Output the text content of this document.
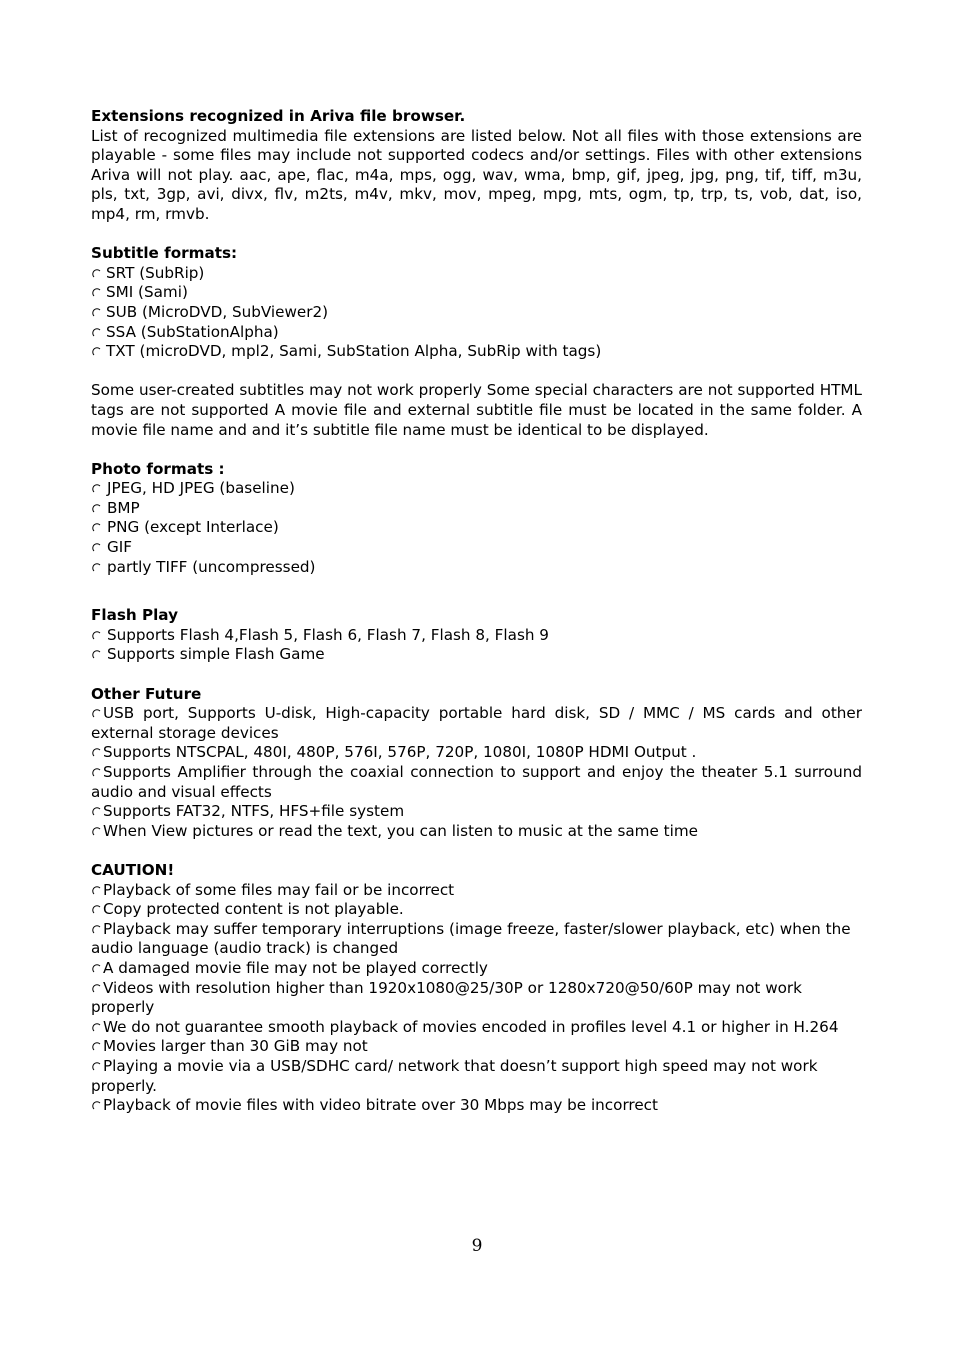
Extensions recognized in Ariva file browser.
List of recognized multimedia file extensions are listed below. Not all files with those extensions are playable - some files may include not supported codecs and/or settings. Files with other extensions Ariva will not play. aac, ape, flac, m4a, mps, ogg, wav, wma, bmp, gif, jpeg, jpg, png, tif, tiff, m3u, pls, txt, 3gp, avi, divx, flv, m2ts, m4v, mkv, mov, mpeg, mpg, mts, ogm, tp, trp, ts, vob, dat, iso, mp4, rm, rmvb.
Subtitle formats:
SRT (SubRip)
SMI (Sami)
SUB (MicroDVD, SubViewer2)
SSA (SubStationAlpha)
TXT (microDVD, mpl2, Sami, SubStation Alpha, SubRip with tags)
Some user-created subtitles may not work properly Some special characters are not supported HTML tags are not supported A movie file and external subtitle file must be located in the same folder. A movie file name and and it’s subtitle file name must be identical to be displayed.
Photo formats :
JPEG, HD JPEG (baseline)
BMP
PNG (except Interlace)
GIF
partly TIFF (uncompressed)
Flash Play
Supports Flash 4,Flash 5, Flash 6, Flash 7, Flash 8, Flash 9
Supports simple Flash Game
Other Future
USB port, Supports U-disk, High-capacity portable hard disk, SD / MMC / MS cards and other external storage devices
Supports NTSCPAL, 480I, 480P, 576I, 576P, 720P, 1080I, 1080P HDMI Output .
Supports Amplifier through the coaxial connection to support and enjoy the theater 5.1 surround audio and visual effects
Supports FAT32, NTFS, HFS+file system
When View pictures or read the text, you can listen to music at the same time
CAUTION!
Playback of some files may fail or be incorrect
Copy protected content is not playable.
Playback may suffer temporary interruptions (image freeze, faster/slower playback, etc) when the audio language (audio track) is changed
A damaged movie file may not be played correctly
Videos with resolution higher than 1920x1080@25/30P or 1280x720@50/60P may not work properly
We do not guarantee smooth playback of movies encoded in profiles level 4.1 or higher in H.264
Movies larger than 30 GiB may not
Playing a movie via a USB/SDHC card/ network that doesn’t support high speed may not work properly.
Playback of movie files with video bitrate over 30 Mbps may be incorrect
9
